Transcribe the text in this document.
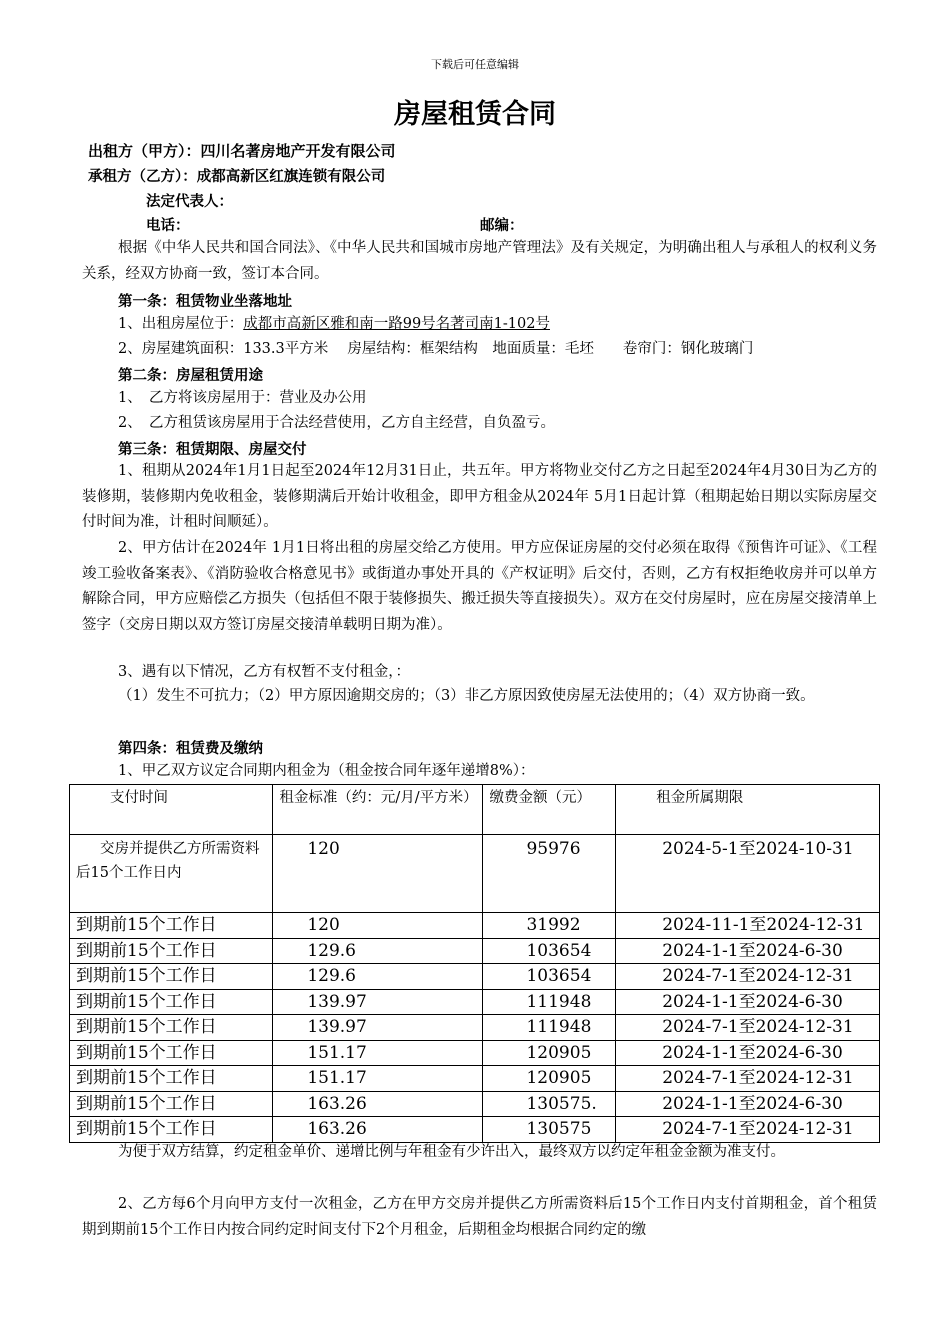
下载后可任意编辑
房屋租赁合同
出租方（甲方）：四川名著房地产开发有限公司
承租方（乙方）：成都高新区红旗连锁有限公司
法定代表人：
电话：	邮编：
根据《中华人民共和国合同法》、《中华人民共和国城市房地产管理法》及有关规定，为明确出租人与承租人的权利义务关系，经双方协商一致，签订本合同。
第一条：租赁物业坐落地址
1、出租房屋位于：成都市高新区雅和南一路99号名著司南1-102号
2、房屋建筑面积：133.3平方米　 房屋结构：框架结构　地面质量：毛坯　　卷帘门：钢化玻璃门
第二条：房屋租赁用途
1、　乙方将该房屋用于：营业及办公用
2、　乙方租赁该房屋用于合法经营使用，乙方自主经营，自负盈亏。
第三条：租赁期限、房屋交付
1、租期从2024年1月1日起至2024年12月31日止，共五年。甲方将物业交付乙方之日起至2024年4月30日为乙方的装修期，装修期内免收租金，装修期满后开始计收租金，即甲方租金从2024年 5月1日起计算（租期起始日期以实际房屋交付时间为准，计租时间顺延）。
2、甲方估计在2024年 1月1日将出租的房屋交给乙方使用。甲方应保证房屋的交付必须在取得《预售许可证》、《工程竣工验收备案表》、《消防验收合格意见书》或街道办事处开具的《产权证明》后交付，否则，乙方有权拒绝收房并可以单方解除合同，甲方应赔偿乙方损失（包括但不限于装修损失、搬迁损失等直接损失）。双方在交付房屋时，应在房屋交接清单上签字（交房日期以双方签订房屋交接清单载明日期为准）。
3、遇有以下情况，乙方有权暂不支付租金，：
（1）发生不可抗力；（2）甲方原因逾期交房的；（3）非乙方原因致使房屋无法使用的；（4）双方协商一致。
第四条：租赁费及缴纳
1、甲乙双方议定合同期内租金为（租金按合同年逐年递增8%）：
支付时间	租金标准（约：元/月/平方米）	缴费金额（元）	租金所属期限
交房并提供乙方所需资料后15个工作日内	120	95976	2024-5-1至2024-10-31
到期前15个工作日	120	31992	2024-11-1至2024-12-31
到期前15个工作日	129.6	103654	2024-1-1至2024-6-30
到期前15个工作日	129.6	103654	2024-7-1至2024-12-31
到期前15个工作日	139.97	111948	2024-1-1至2024-6-30
到期前15个工作日	139.97	111948	2024-7-1至2024-12-31
到期前15个工作日	151.17	120905	2024-1-1至2024-6-30
到期前15个工作日	151.17	120905	2024-7-1至2024-12-31
到期前15个工作日	163.26	130575.	2024-1-1至2024-6-30
到期前15个工作日	163.26	130575	2024-7-1至2024-12-31
为便于双方结算，约定租金单价、递增比例与年租金有少许出入，最终双方以约定年租金金额为准支付。
2、乙方每6个月向甲方支付一次租金，乙方在甲方交房并提供乙方所需资料后15个工作日内支付首期租金，首个租赁期到期前15个工作日内按合同约定时间支付下2个月租金，后期租金均根据合同约定的缴
